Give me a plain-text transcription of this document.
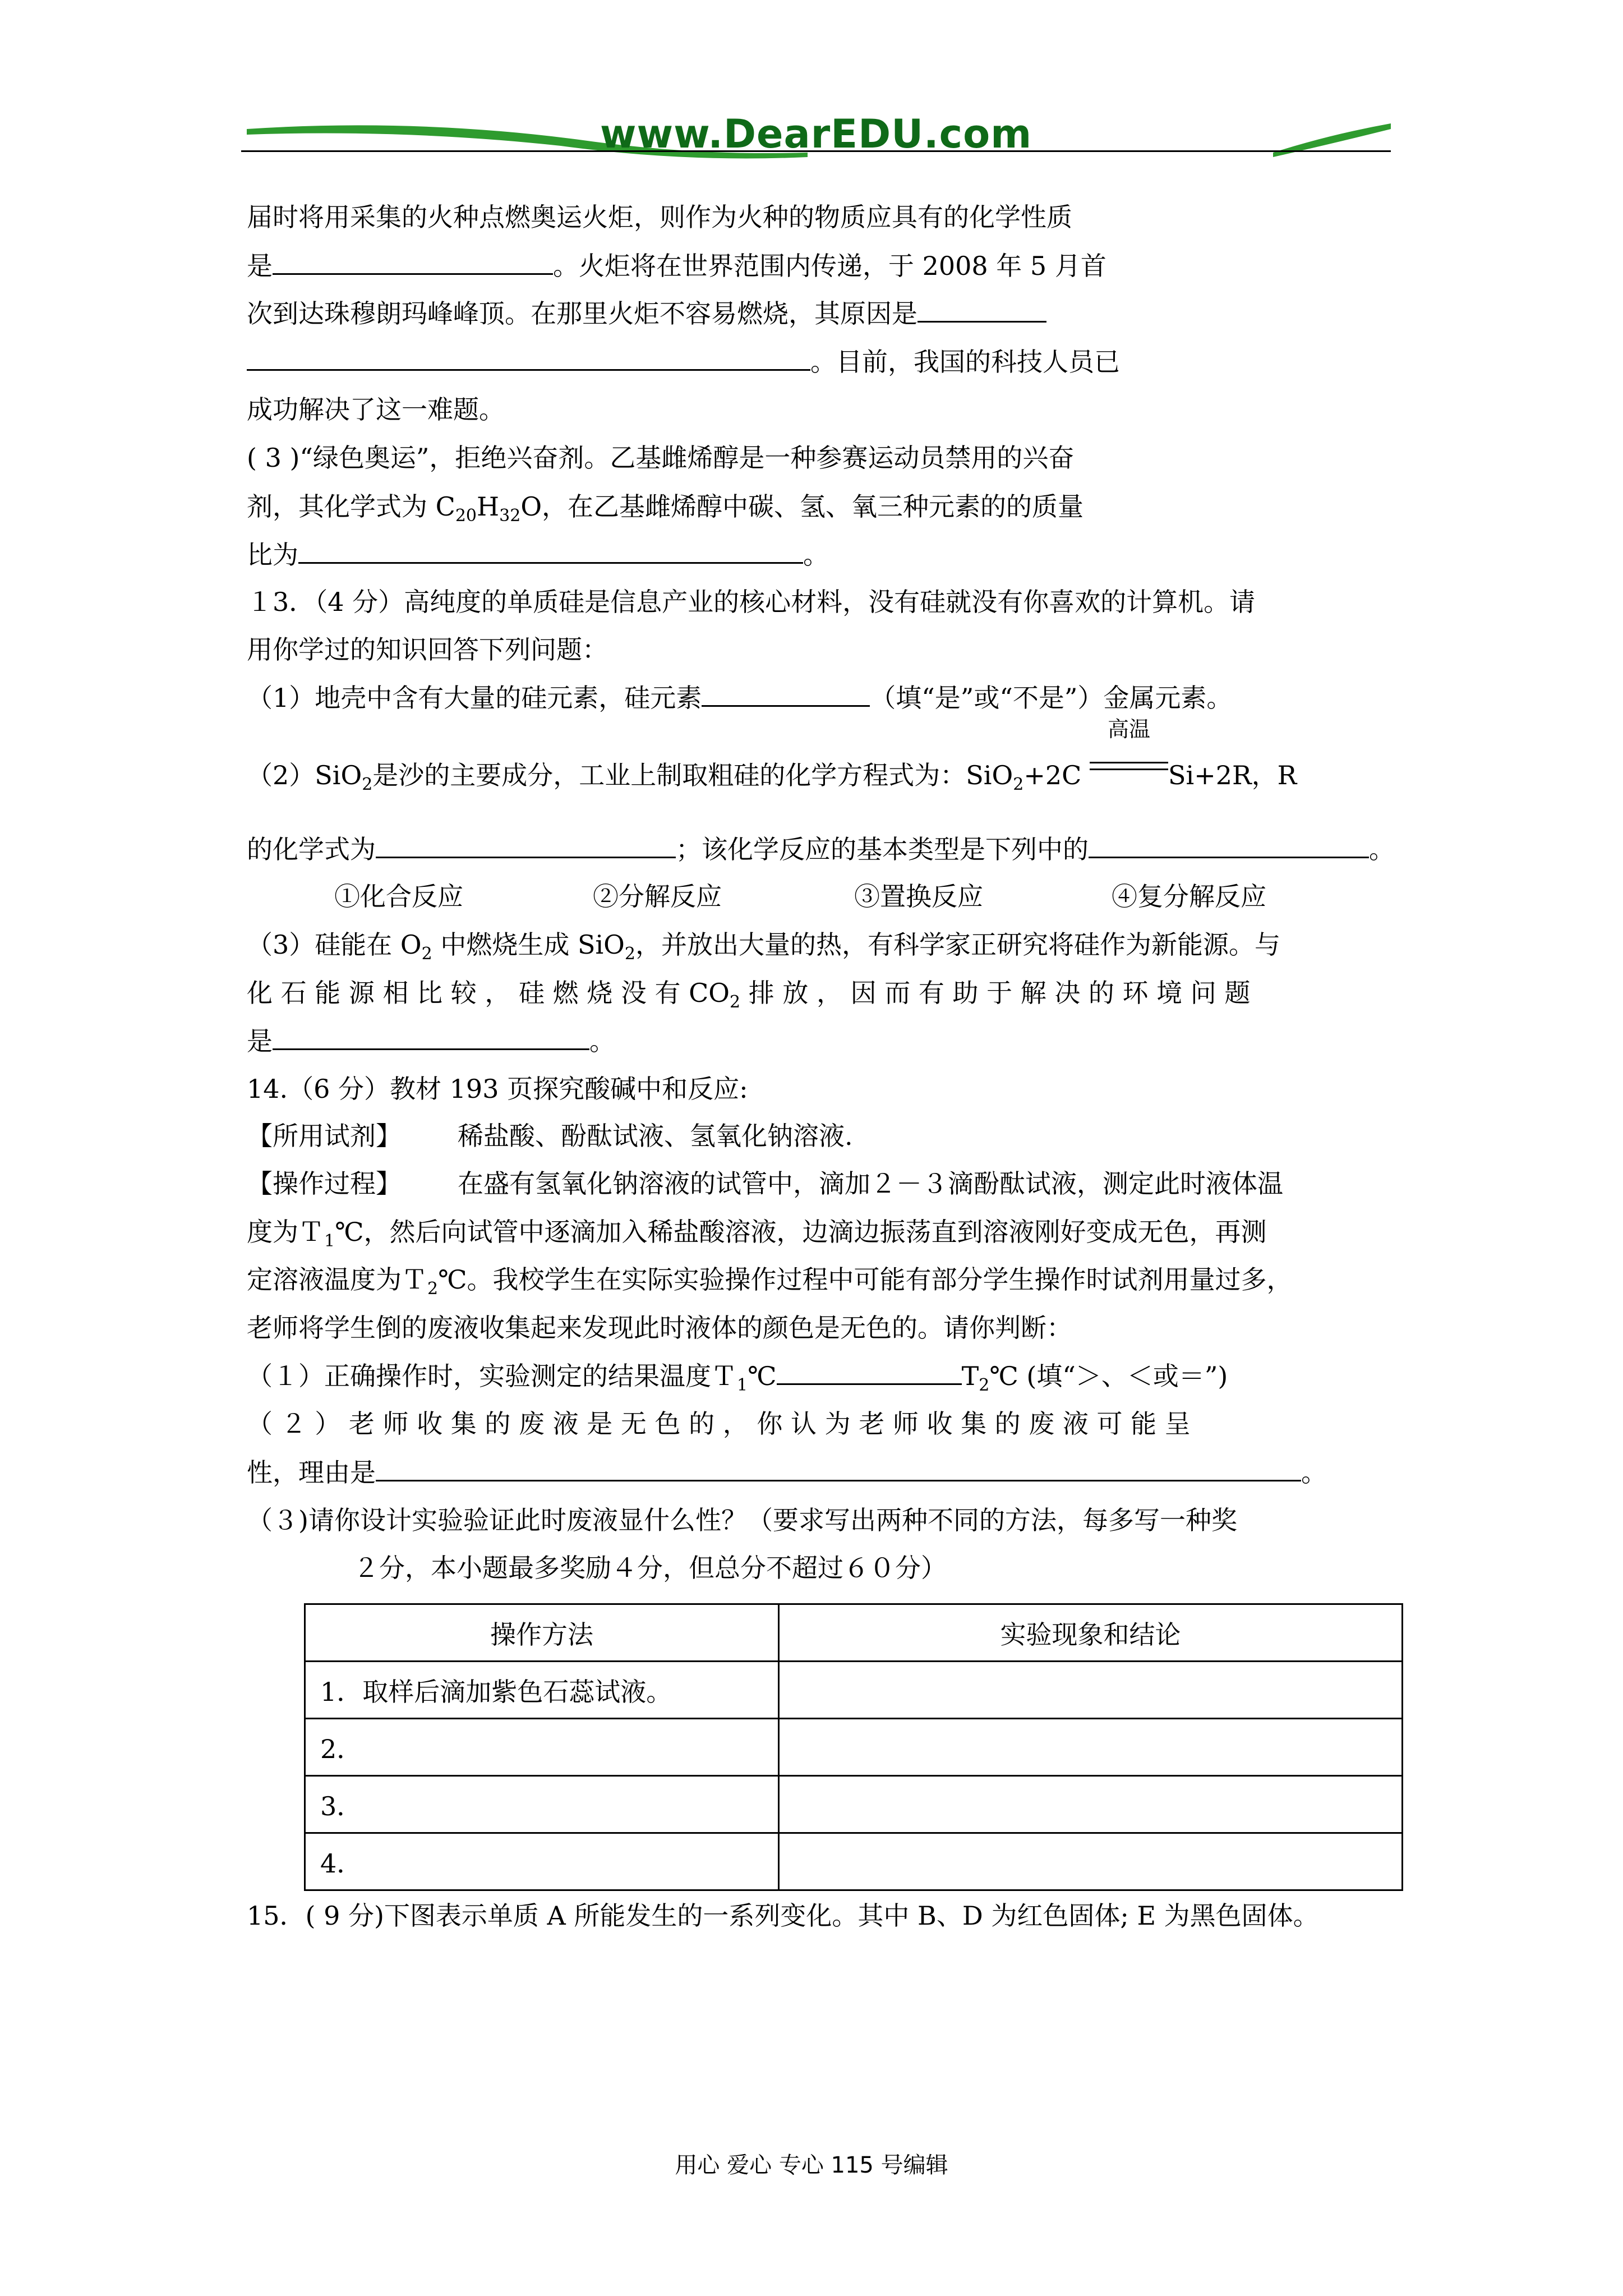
www.DearEDU.com
届时将用采集的火种点燃奥运火炬，则作为火种的物质应具有的化学性质
是	。火炬将在世界范围内传递，于 2008 年 5 月首
次到达珠穆朗玛峰峰顶。在那里火炬不容易燃烧，其原因是
。目前，我国的科技人员已
成功解决了这一难题。
( 3 )“绿色奥运”，拒绝兴奋剂。乙基雌烯醇是一种参赛运动员禁用的兴奋
剂，其化学式为 $C_{20}H_{32}O$，在乙基雌烯醇中碳、氢、氧三种元素的的质量
比为	。
１3．（4 分）高纯度的单质硅是信息产业的核心材料，没有硅就没有你喜欢的计算机。请
用你学过的知识回答下列问题：
（1）地壳中含有大量的硅元素，硅元素	（填“是”或“不是”）金属元素。
（2）SiO$_2$是沙的主要成分，工业上制取粗硅的化学方程式为：SiO$_2$+2C
高温
Si+2R，R
的化学式为	；该化学反应的基本类型是下列中的	。
①化合反应	②分解反应	③置换反应	④复分解反应
（3）硅能在 $O_2$ 中燃烧生成 SiO$_2$，并放出大量的热，有科学家正研究将硅作为新能源。与
化 石 能 源 相 比 较 ， 硅 燃 烧 没 有 $CO_2$ 排 放 ， 因 而 有 助 于 解 决 的 环 境 问 题
是	。
14.（6 分）教材 193 页探究酸碱中和反应:
【所用试剂】 稀盐酸、酚酞试液、氢氧化钠溶液.
【操作过程】 在盛有氢氧化钠溶液的试管中，滴加２－３滴酚酞试液，测定此时液体温
度为Ｔ$_1$℃，然后向试管中逐滴加入稀盐酸溶液，边滴边振荡直到溶液刚好变成无色，再测
定溶液温度为Ｔ$_2$℃。我校学生在实际实验操作过程中可能有部分学生操作时试剂用量过多，
老师将学生倒的废液收集起来发现此时液体的颜色是无色的。请你判断：
（１）正确操作时，实验测定的结果温度Ｔ$_1$℃	$T_2℃$ (填“＞、＜或＝”)
（ ２ ） 老 师 收 集 的 废 液 是 无 色 的 ， 你 认 为 老 师 收 集 的 废 液 可 能 呈
性，理由是	。
（３)请你设计实验验证此时废液显什么性？（要求写出两种不同的方法，每多写一种奖
２分，本小题最多奖励４分，但总分不超过６０分）
操作方法	实验现象和结论
1．取样后滴加紫色石蕊试液。	
2．	
3．	
4．	
15．( 9 分)下图表示单质 A 所能发生的一系列变化。其中 B、D 为红色固体; E 为黑色固体。
用心 爱心 专心 115 号编辑
